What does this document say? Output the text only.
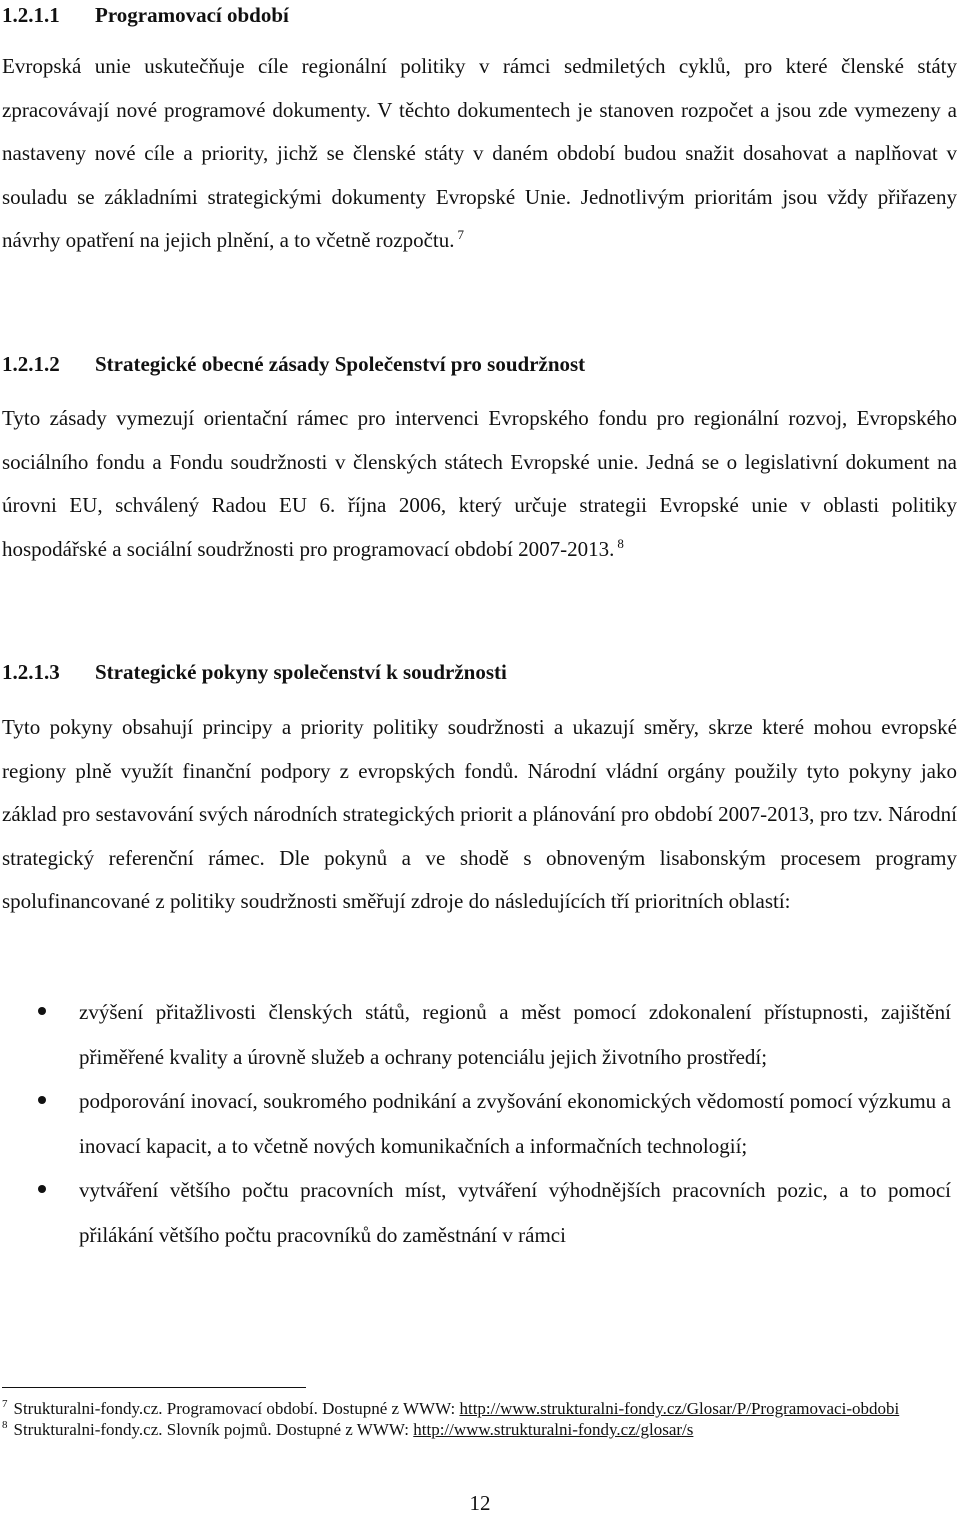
1.2.1.1 Programovací období

Evropská unie uskutečňuje cíle regionální politiky v rámci sedmiletých cyklů, pro které členské státy zpracovávají nové programové dokumenty. V těchto dokumentech je stanoven rozpočet a jsou zde vymezeny a nastaveny nové cíle a priority, jichž se členské státy v daném období budou snažit dosahovat a naplňovat v souladu se základními strategickými dokumenty Evropské Unie. Jednotlivým prioritám jsou vždy přiřazeny návrhy opatření na jejich plnění, a to včetně rozpočtu. $^7$

1.2.1.2 Strategické obecné zásady Společenství pro soudržnost

Tyto zásady vymezují orientační rámec pro intervenci Evropského fondu pro regionální rozvoj, Evropského sociálního fondu a Fondu soudržnosti v členských státech Evropské unie. Jedná se o legislativní dokument na úrovni EU, schválený Radou EU 6. října 2006, který určuje strategii Evropské unie v oblasti politiky hospodářské a sociální soudržnosti pro programovací období 2007-2013. $^8$

1.2.1.3 Strategické pokyny společenství k soudržnosti

Tyto pokyny obsahují principy a priority politiky soudržnosti a ukazují směry, skrze které mohou evropské regiony plně využít finanční podpory z evropských fondů. Národní vládní orgány použily tyto pokyny jako základ pro sestavování svých národních strategických priorit a plánování pro období 2007-2013, pro tzv. Národní strategický referenční rámec. Dle pokynů a ve shodě s obnoveným lisabonským procesem programy spolufinancované z politiky soudržnosti směřují zdroje do následujících tří prioritních oblastí:

zvýšení přitažlivosti členských států, regionů a měst pomocí zdokonalení přístupnosti, zajištění přiměřené kvality a úrovně služeb a ochrany potenciálu jejich životního prostředí;
podporování inovací, soukromého podnikání a zvyšování ekonomických vědomostí pomocí výzkumu a inovací kapacit, a to včetně nových komunikačních a informačních technologií;
vytváření většího počtu pracovních míst, vytváření výhodnějších pracovních pozic, a to pomocí přilákání většího počtu pracovníků do zaměstnání v rámci

$^7$ Strukturalni-fondy.cz. Programovací období. Dostupné z WWW: http://www.strukturalni-fondy.cz/Glosar/P/Programovaci-obdobi

$^8$ Strukturalni-fondy.cz. Slovník pojmů. Dostupné z WWW: http://www.strukturalni-fondy.cz/glosar/s

12
